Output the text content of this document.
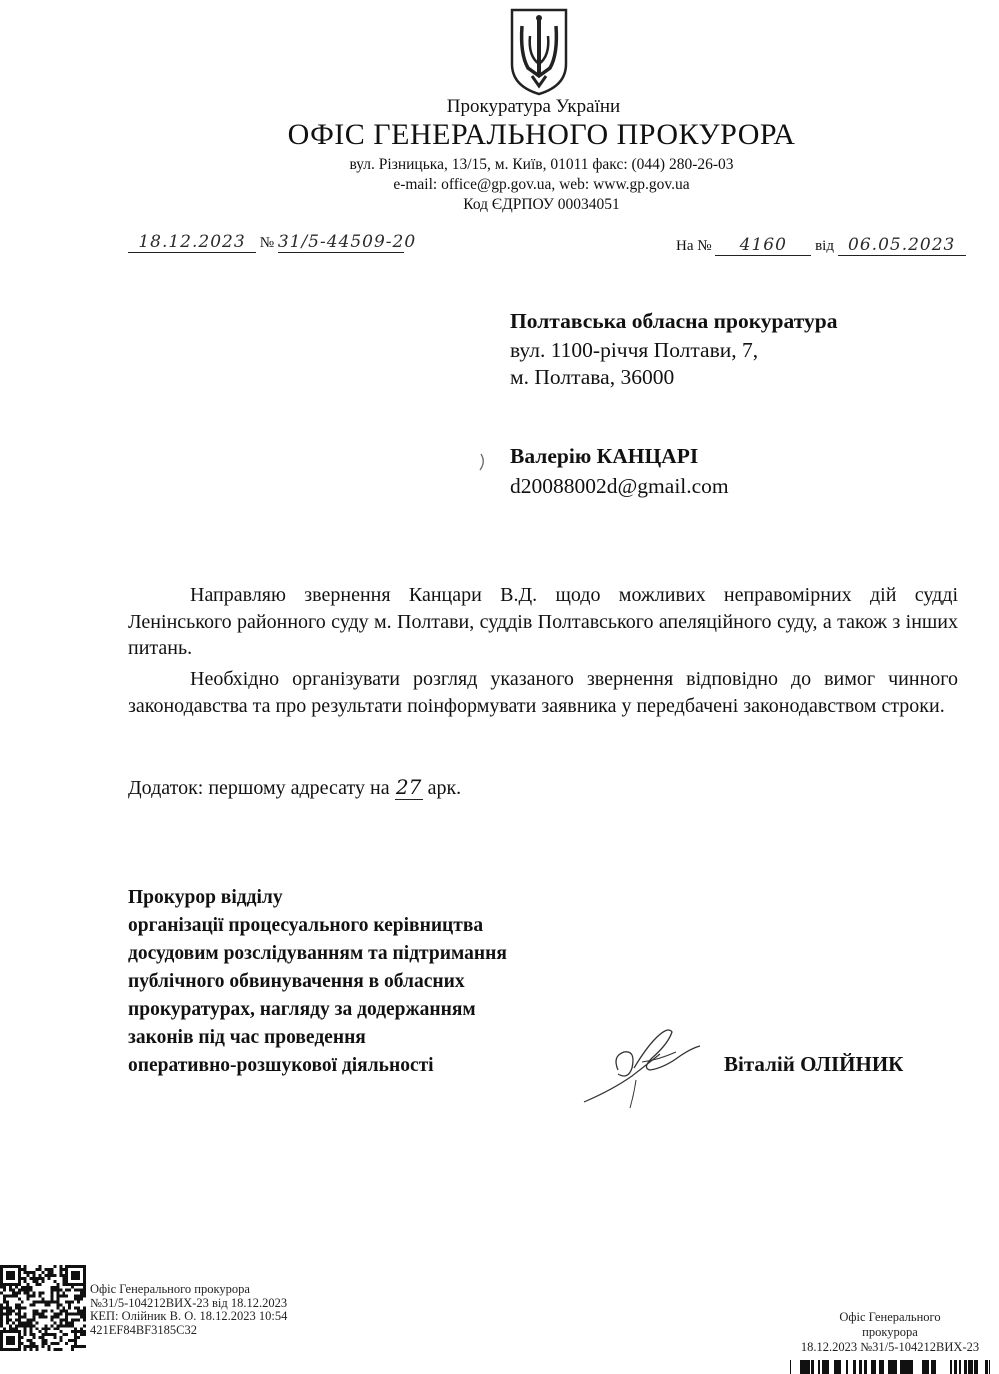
Прокуратура України
ОФІС ГЕНЕРАЛЬНОГО ПРОКУРОРА
вул. Різницька, 13/15, м. Київ, 01011 факс: (044) 280-26-03
e-mail: office@gp.gov.ua, web: www.gp.gov.ua
Код ЄДРПОУ 00034051
18.12.2023 № 31/5-44509-20	На № 4160 від 06.05.2023
Полтавська обласна прокуратура
вул. 1100-річчя Полтави, 7,
м. Полтава, 36000
Валерію КАНЦАРІ
d20088002d@gmail.com
Направляю звернення Канцари В.Д. щодо можливих неправомірних дій судді Ленінського районного суду м. Полтави, суддів Полтавського апеляційного суду, а також з інших питань.
Необхідно організувати розгляд указаного звернення відповідно до вимог чинного законодавства та про результати поінформувати заявника у передбачені законодавством строки.
Додаток: першому адресату на 27 арк.
Прокурор відділу
організації процесуального керівництва
досудовим розслідуванням та підтримання
публічного обвинувачення в обласних
прокуратурах, нагляду за додержанням
законів під час проведення
оперативно-розшукової діяльності	Віталій ОЛІЙНИК
Офіс Генерального прокурора
№31/5-104212ВИХ-23 від 18.12.2023
КЕП: Олійник В. О. 18.12.2023 10:54
421EF84BF3185C32
Офіс Генерального
прокурора
18.12.2023 №31/5-104212ВИХ-23
